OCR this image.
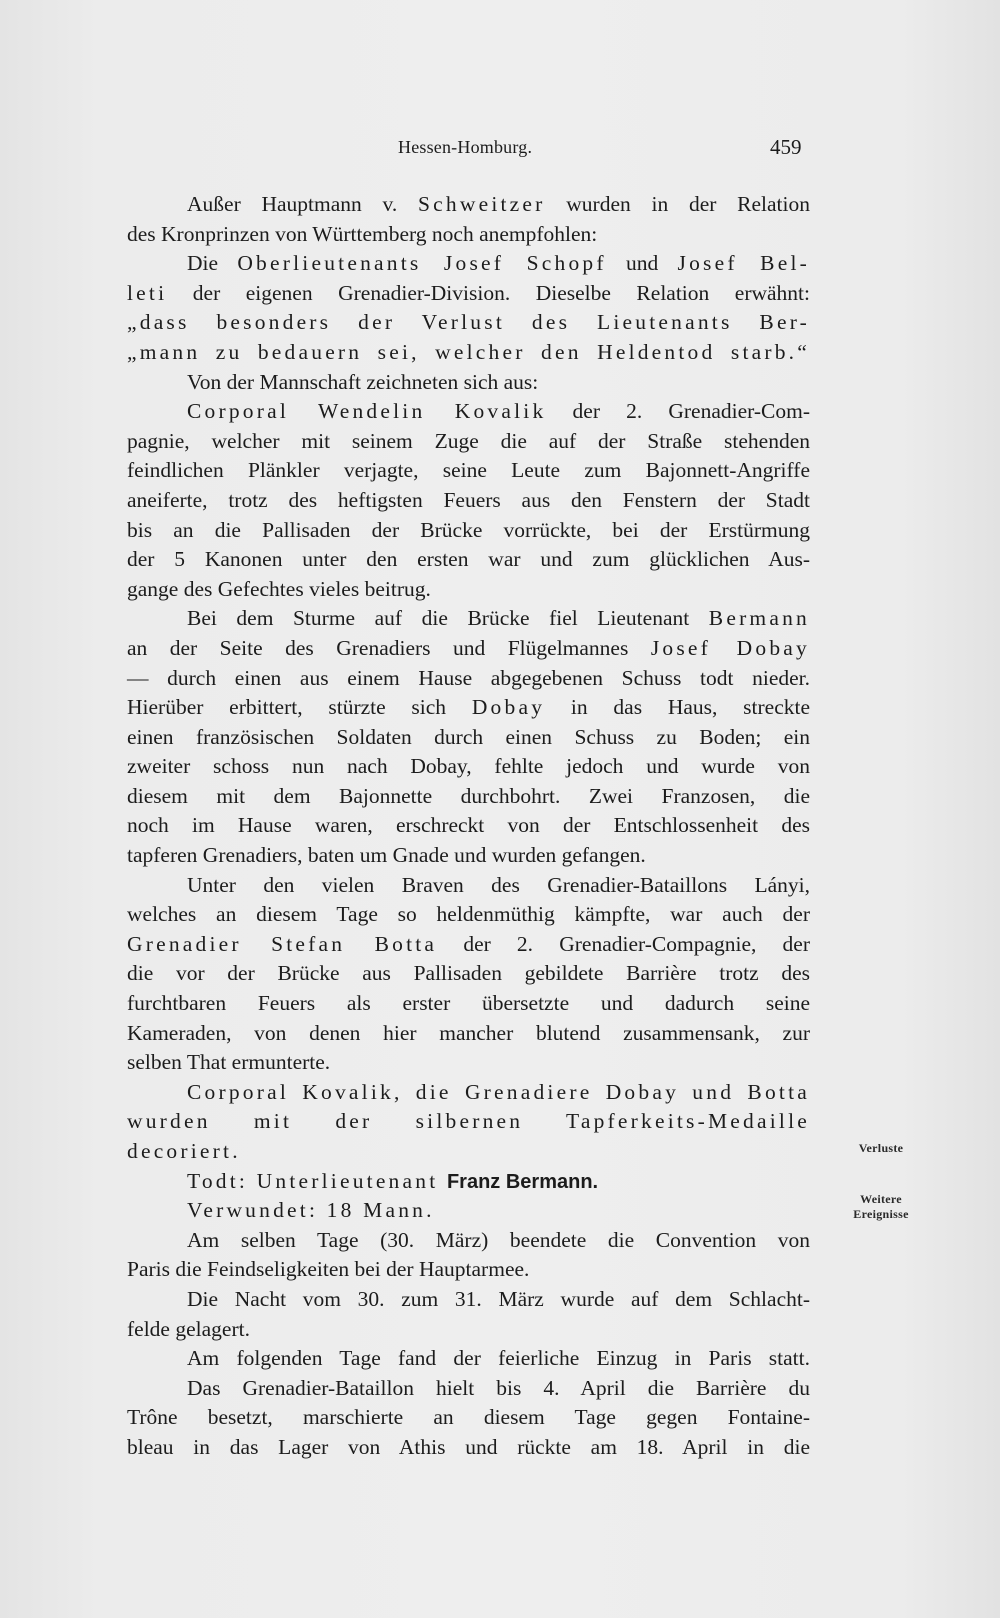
Hessen-Homburg.	459
Außer Hauptmann v. Schweitzer wurden in der Relation
des Kronprinzen von Württemberg noch anempfohlen:
Die Oberlieutenants Josef Schopf und Josef Bel-
leti der eigenen Grenadier-Division. Dieselbe Relation erwähnt:
„dass besonders der Verlust des Lieutenants Ber-
„mann zu bedauern sei, welcher den Heldentod starb.“
Von der Mannschaft zeichneten sich aus:
Corporal Wendelin Kovalik der 2. Grenadier-Com-
pagnie, welcher mit seinem Zuge die auf der Straße stehenden
feindlichen Plänkler verjagte, seine Leute zum Bajonnett-Angriffe
aneiferte, trotz des heftigsten Feuers aus den Fenstern der Stadt
bis an die Pallisaden der Brücke vorrückte, bei der Erstürmung
der 5 Kanonen unter den ersten war und zum glücklichen Aus-
gange des Gefechtes vieles beitrug.
Bei dem Sturme auf die Brücke fiel Lieutenant Bermann
an der Seite des Grenadiers und Flügelmannes Josef Dobay
— durch einen aus einem Hause abgegebenen Schuss todt nieder.
Hierüber erbittert, stürzte sich Dobay in das Haus, streckte
einen französischen Soldaten durch einen Schuss zu Boden; ein
zweiter schoss nun nach Dobay, fehlte jedoch und wurde von
diesem mit dem Bajonnette durchbohrt. Zwei Franzosen, die
noch im Hause waren, erschreckt von der Entschlossenheit des
tapferen Grenadiers, baten um Gnade und wurden gefangen.
Unter den vielen Braven des Grenadier-Bataillons Lányi,
welches an diesem Tage so heldenmüthig kämpfte, war auch der
Grenadier Stefan Botta der 2. Grenadier-Compagnie, der
die vor der Brücke aus Pallisaden gebildete Barrière trotz des
furchtbaren Feuers als erster übersetzte und dadurch seine
Kameraden, von denen hier mancher blutend zusammensank, zur
selben That ermunterte.
Corporal Kovalik, die Grenadiere Dobay und Botta
wurden mit der silbernen Tapferkeits-Medaille
decoriert.
Todt: Unterlieutenant Franz Bermann.
Verwundet: 18 Mann.
Am selben Tage (30. März) beendete die Convention von
Paris die Feindseligkeiten bei der Hauptarmee.
Die Nacht vom 30. zum 31. März wurde auf dem Schlacht-
felde gelagert.
Am folgenden Tage fand der feierliche Einzug in Paris statt.
Das Grenadier-Bataillon hielt bis 4. April die Barrière du
Trône besetzt, marschierte an diesem Tage gegen Fontaine-
bleau in das Lager von Athis und rückte am 18. April in die
Verluste
Weitere
Ereignisse
